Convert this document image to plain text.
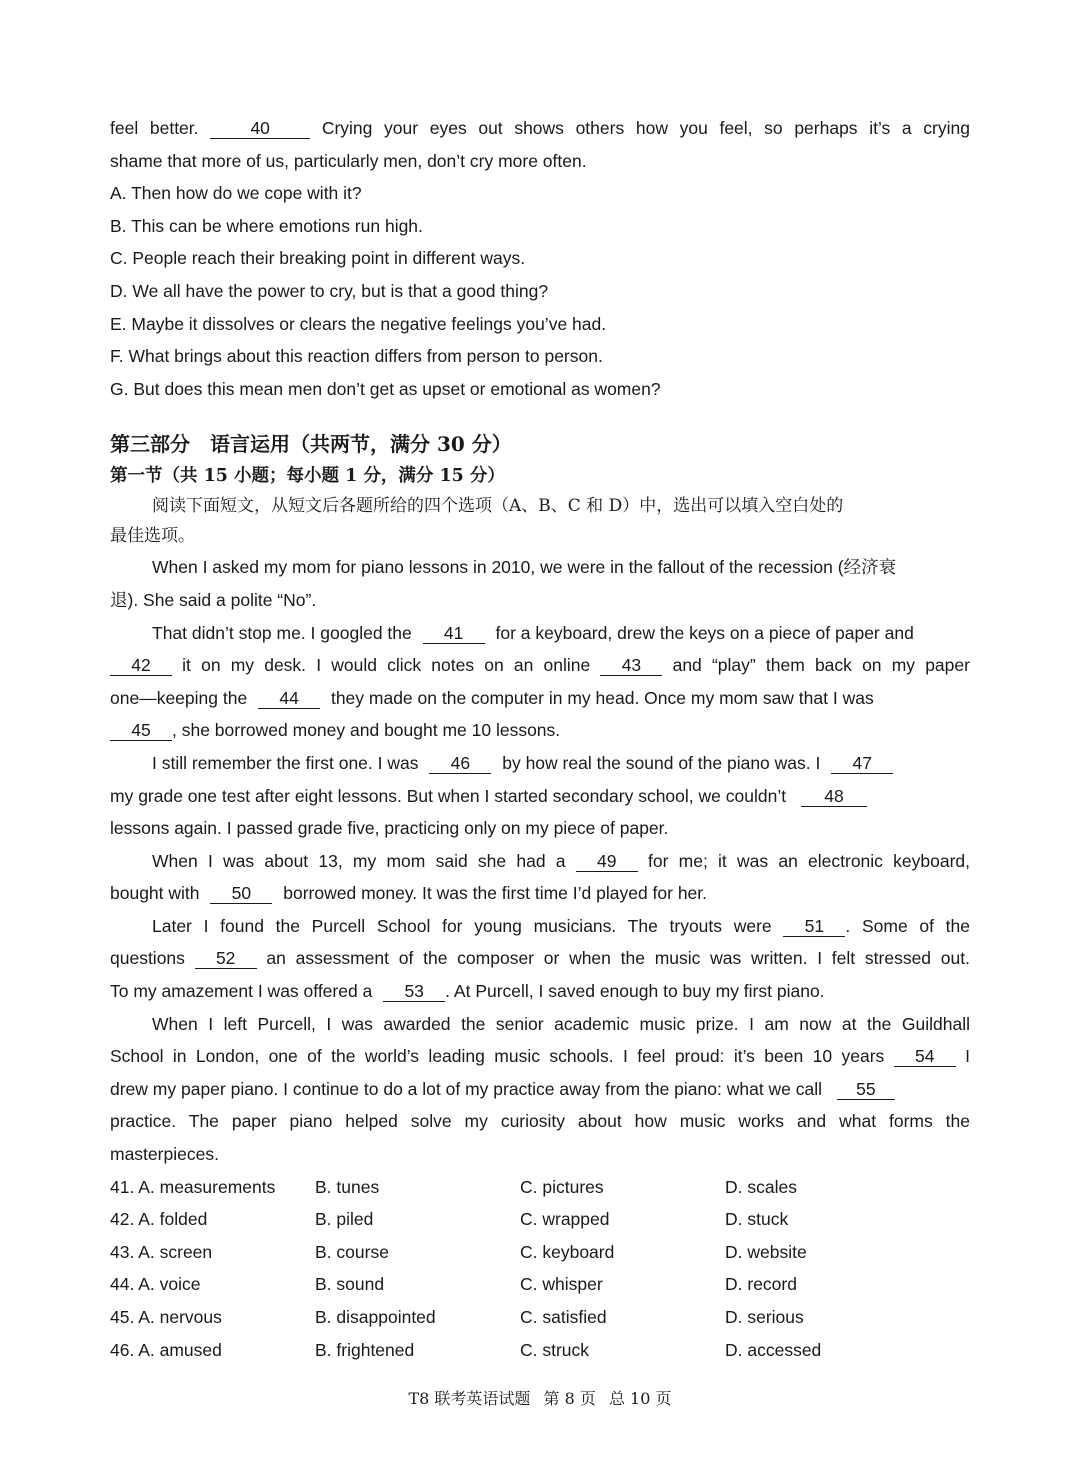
feel better.	40	Crying your eyes out shows others how you feel, so perhaps it’s a crying
shame that more of us, particularly men, don’t cry more often.
A. Then how do we cope with it?
B. This can be where emotions run high.
C. People reach their breaking point in different ways.
D. We all have the power to cry, but is that a good thing?
E. Maybe it dissolves or clears the negative feelings you’ve had.
F. What brings about this reaction differs from person to person.
G. But does this mean men don’t get as upset or emotional as women?
第三部分　语言运用（共两节，满分 30 分）
第一节（共 15 小题；每小题 1 分，满分 15 分）
阅读下面短文，从短文后各题所给的四个选项（A、B、C 和 D）中，选出可以填入空白处的
最佳选项。
When I asked my mom for piano lessons in 2010, we were in the fallout of the recession (经济衰
退). She said a polite “No”.
That didn’t stop me. I googled the 41 for a keyboard, drew the keys on a piece of paper and
42 it on my desk. I would click notes on an online 43 and “play” them back on my paper
one—keeping the 44 they made on the computer in my head. Once my mom saw that I was
45 , she borrowed money and bought me 10 lessons.
I still remember the first one. I was 46 by how real the sound of the piano was. I 47
my grade one test after eight lessons. But when I started secondary school, we couldn’t 48
lessons again. I passed grade five, practicing only on my piece of paper.
When I was about 13, my mom said she had a 49 for me; it was an electronic keyboard,
bought with 50 borrowed money. It was the first time I’d played for her.
Later I found the Purcell School for young musicians. The tryouts were 51 . Some of the
questions 52 an assessment of the composer or when the music was written. I felt stressed out.
To my amazement I was offered a 53 . At Purcell, I saved enough to buy my first piano.
When I left Purcell, I was awarded the senior academic music prize. I am now at the Guildhall
School in London, one of the world’s leading music schools. I feel proud: it’s been 10 years 54 I
drew my paper piano. I continue to do a lot of my practice away from the piano: what we call 55
practice. The paper piano helped solve my curiosity about how music works and what forms the
masterpieces.
41. A. measurements	B. tunes	C. pictures	D. scales
42. A. folded	B. piled	C. wrapped	D. stuck
43. A. screen	B. course	C. keyboard	D. website
44. A. voice	B. sound	C. whisper	D. record
45. A. nervous	B. disappointed	C. satisfied	D. serious
46. A. amused	B. frightened	C. struck	D. accessed
T8 联考英语试题 第 8 页 总 10 页
